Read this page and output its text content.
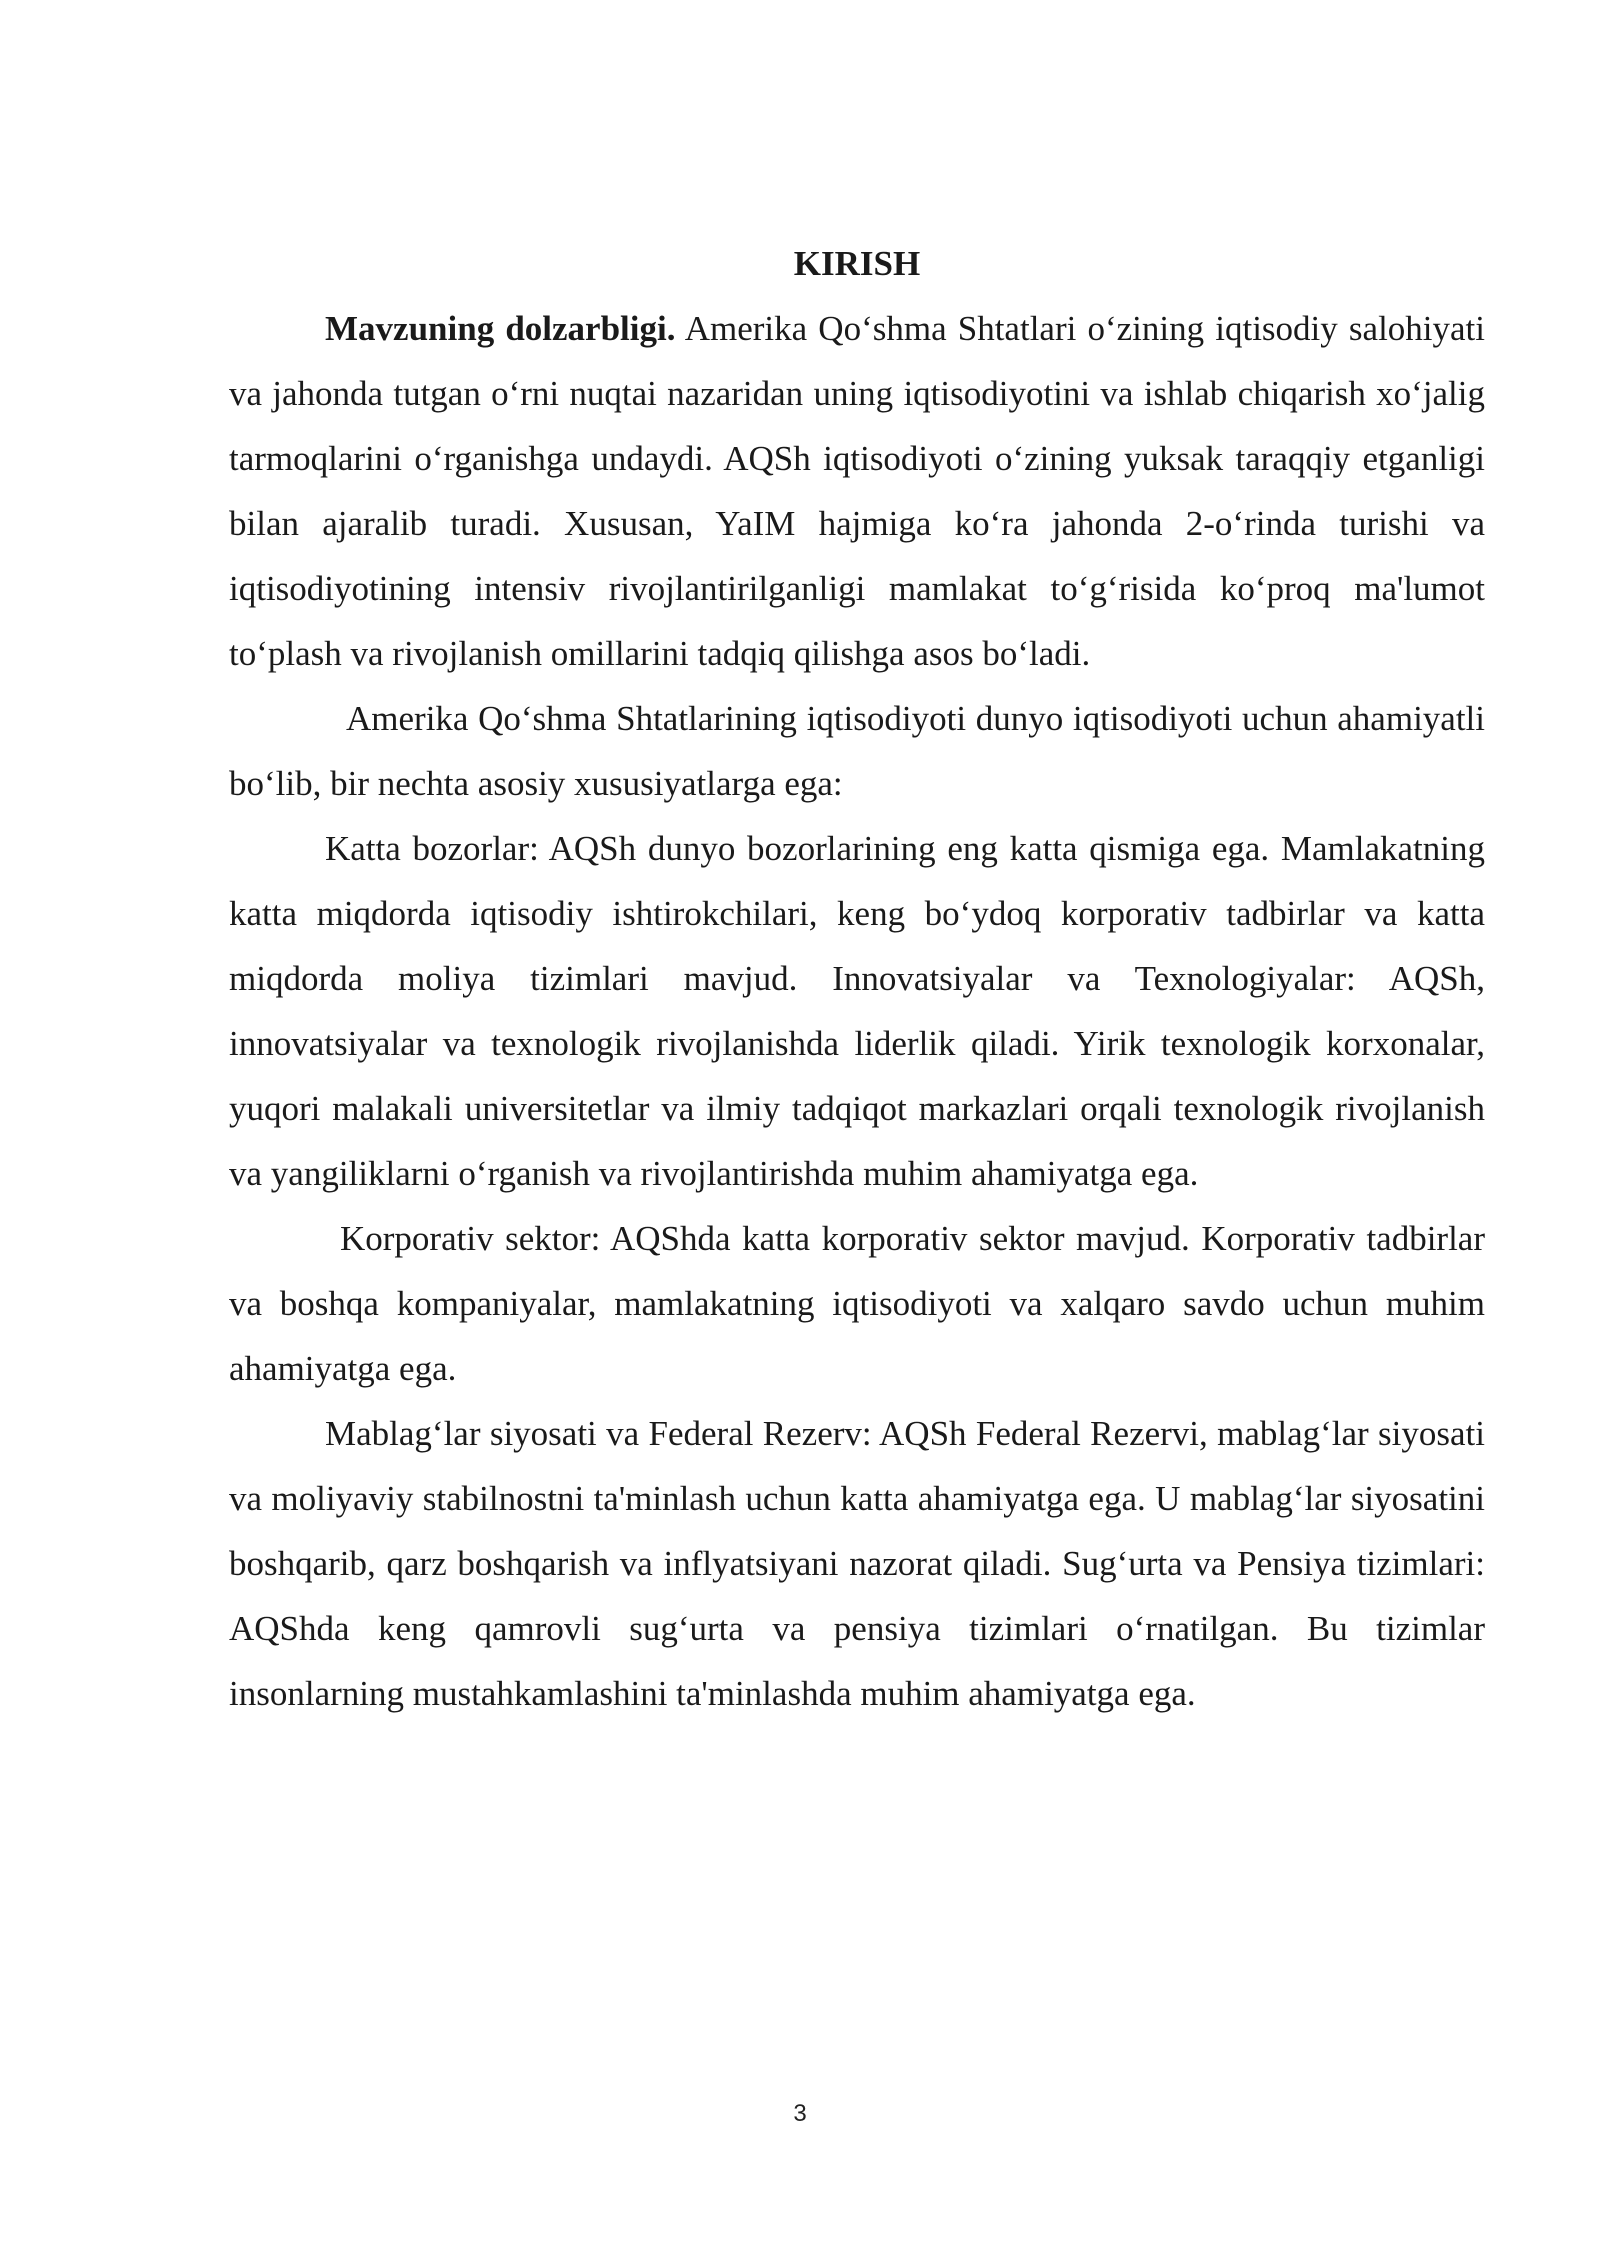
KIRISH

Mavzuning dolzarbligi. Amerika Qo‘shma Shtatlari o‘zining iqtisodiy salohiyati va jahonda tutgan o‘rni nuqtai nazaridan uning iqtisodiyotini va ishlab chiqarish xo‘jalig tarmoqlarini o‘rganishga undaydi. AQSh iqtisodiyoti o‘zining yuksak taraqqiy etganligi bilan ajaralib turadi. Xususan, YaIM hajmiga ko‘ra jahonda 2-o‘rinda turishi va iqtisodiyotining intensiv rivojlantirilganligi mamlakat to‘g‘risida ko‘proq ma'lumot to‘plash va rivojlanish omillarini tadqiq qilishga asos bo‘ladi.

Amerika Qo‘shma Shtatlarining iqtisodiyoti dunyo iqtisodiyoti uchun ahamiyatli bo‘lib, bir nechta asosiy xususiyatlarga ega:

Katta bozorlar: AQSh dunyo bozorlarining eng katta qismiga ega. Mamlakatning katta miqdorda iqtisodiy ishtirokchilari, keng bo‘ydoq korporativ tadbirlar va katta miqdorda moliya tizimlari mavjud. Innovatsiyalar va Texnologiyalar: AQSh, innovatsiyalar va texnologik rivojlanishda liderlik qiladi. Yirik texnologik korxonalar, yuqori malakali universitetlar va ilmiy tadqiqot markazlari orqali texnologik rivojlanish va yangiliklarni o‘rganish va rivojlantirishda muhim ahamiyatga ega.

Korporativ sektor: AQShda katta korporativ sektor mavjud. Korporativ tadbirlar va boshqa kompaniyalar, mamlakatning iqtisodiyoti va xalqaro savdo uchun muhim ahamiyatga ega.

Mablag‘lar siyosati va Federal Rezerv: AQSh Federal Rezervi, mablag‘lar siyosati va moliyaviy stabilnostni ta'minlash uchun katta ahamiyatga ega. U mablag‘lar siyosatini boshqarib, qarz boshqarish va inflyatsiyani nazorat qiladi. Sug‘urta va Pensiya tizimlari: AQShda keng qamrovli sug‘urta va pensiya tizimlari o‘rnatilgan. Bu tizimlar insonlarning mustahkamlashini ta'minlashda muhim ahamiyatga ega.

3
